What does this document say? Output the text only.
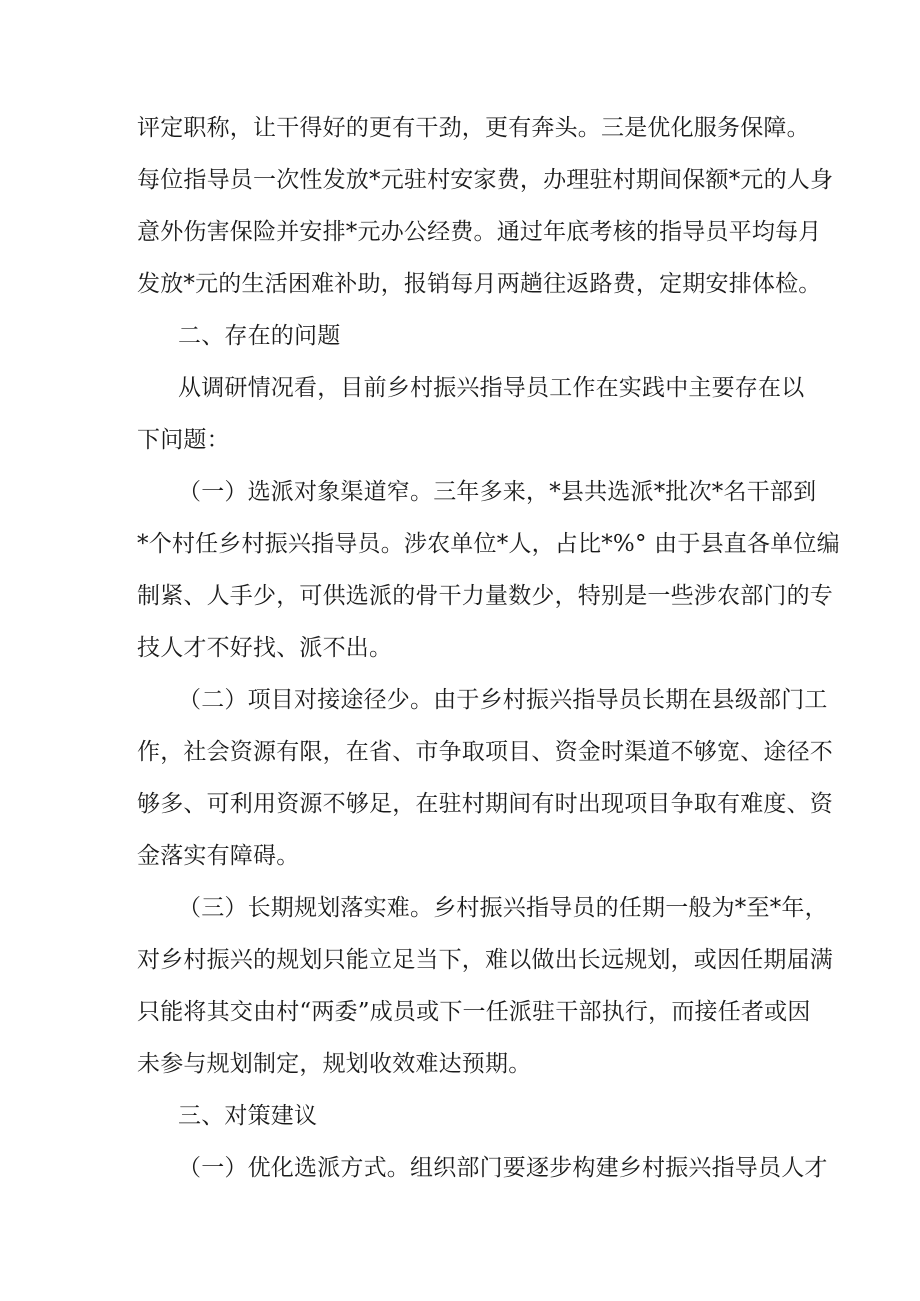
评定职称，让干得好的更有干劲，更有奔头。三是优化服务保障。
每位指导员一次性发放*元驻村安家费，办理驻村期间保额*元的人身
意外伤害保险并安排*元办公经费。通过年底考核的指导员平均每月
发放*元的生活困难补助，报销每月两趟往返路费，定期安排体检。
二、存在的问题
从调研情况看，目前乡村振兴指导员工作在实践中主要存在以
下问题：
（一）选派对象渠道窄。三年多来，*县共选派*批次*名干部到
*个村任乡村振兴指导员。涉农单位*人，占比*%° 由于县直各单位编
制紧、人手少，可供选派的骨干力量数少，特别是一些涉农部门的专
技人才不好找、派不出。
（二）项目对接途径少。由于乡村振兴指导员长期在县级部门工
作，社会资源有限，在省、市争取项目、资金时渠道不够宽、途径不
够多、可利用资源不够足，在驻村期间有时出现项目争取有难度、资
金落实有障碍。
（三）长期规划落实难。乡村振兴指导员的任期一般为*至*年，
对乡村振兴的规划只能立足当下，难以做出长远规划，或因任期届满
只能将其交由村“两委”成员或下一任派驻干部执行，而接任者或因
未参与规划制定，规划收效难达预期。
三、对策建议
（一）优化选派方式。组织部门要逐步构建乡村振兴指导员人才
